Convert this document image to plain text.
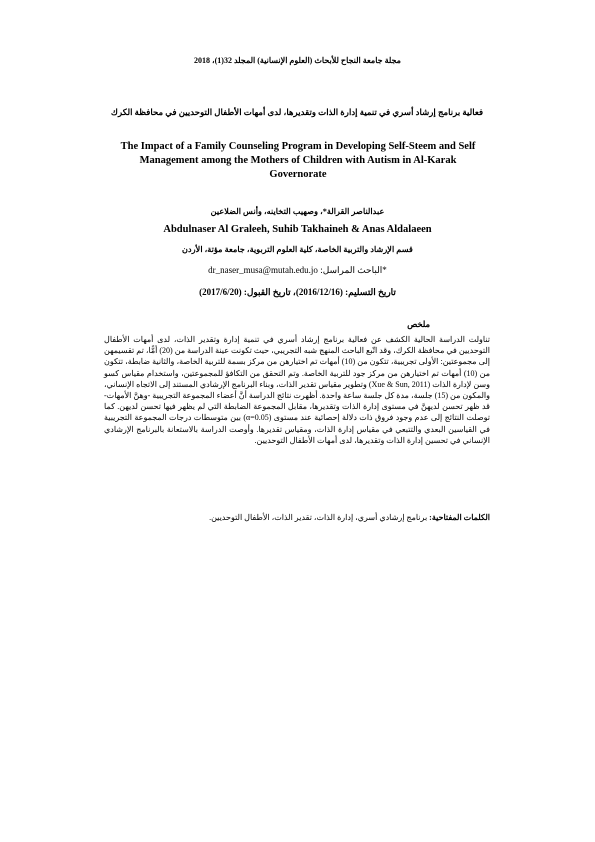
مجلة جامعة النجاح للأبحاث (العلوم الإنسانية) المجلد 32(1)، 2018
فعالية برنامج إرشاد أسري في تنمية إدارة الذات وتقديرها، لدى أمهات الأطفال التوحديين في محافظة الكرك
The Impact of a Family Counseling Program in Developing Self-Steem and Self Management among the Mothers of Children with Autism in Al-Karak Governorate
عبدالناصر القرالة*، وصهيب التخاينه، وأنس الضلاعين
Abdulnaser Al Graleeh, Suhib Takhaineh & Anas Aldalaeen
قسم الإرشاد والتربية الخاصة، كلية العلوم التربوية، جامعة مؤتة، الأردن
*الباحث المراسل: dr_naser_musa@mutah.edu.jo
تاريخ التسليم: (2016/12/16)، تاريخ القبول: (2017/6/20)
ملخص
تناولت الدراسة الحالية الكشف عن فعالية برنامج إرشاد أسري في تنمية إدارة وتقدير الذات، لدى أمهات الأطفال التوحديين في محافظة الكرك، وقد اتّبع الباحث المنهج شبه التجريبي، حيث تكونت عينة الدراسة من (20) أمًّا، تم تقسيمهن إلى مجموعتين: الأولى تجريبية، تتكون من (10) أمهات تم اختيارهن من مركز بسمة للتربية الخاصة، والثانية ضابطة، تتكون من (10) أمهات تم اختيارهن من مركز جود للتربية الخاصة. وتم التحقق من التكافؤ للمجموعتين، واستخدام مقياس كسو وسن لإدارة الذات (Xue & Sun, 2011) وتطوير مقياس تقدير الذات، وبناء البرنامج الإرشادي المستند إلى الاتجاه الإنساني، والمكون من (15) جلسة، مدة كل جلسة ساعة واحدة. أظهرت نتائج الدراسة أنَّ أعضاء المجموعة التجريبية -وهنَّ الأمهات- قد ظهر تحسن لديهنَّ في مستوى إدارة الذات وتقديرها، مقابل المجموعة الضابطة التي لم يظهر فيها تحسن لديهن. كما توصلت النتائج إلى عدم وجود فروق ذات دلالة إحصائية عند مستوى (α=0.05) بين متوسطات درجات المجموعة التجريبية في القياسين البعدي والتتبعي في مقياس إدارة الذات، ومقياس تقديرها. وأوصت الدراسة بالاستعانة بالبرنامج الإرشادي الإنساني في تحسين إدارة الذات وتقديرها، لدى أمهات الأطفال التوحديين.
الكلمات المفتاحية: برنامج إرشادي أسري، إدارة الذات، تقدير الذات، الأطفال التوحديين.
